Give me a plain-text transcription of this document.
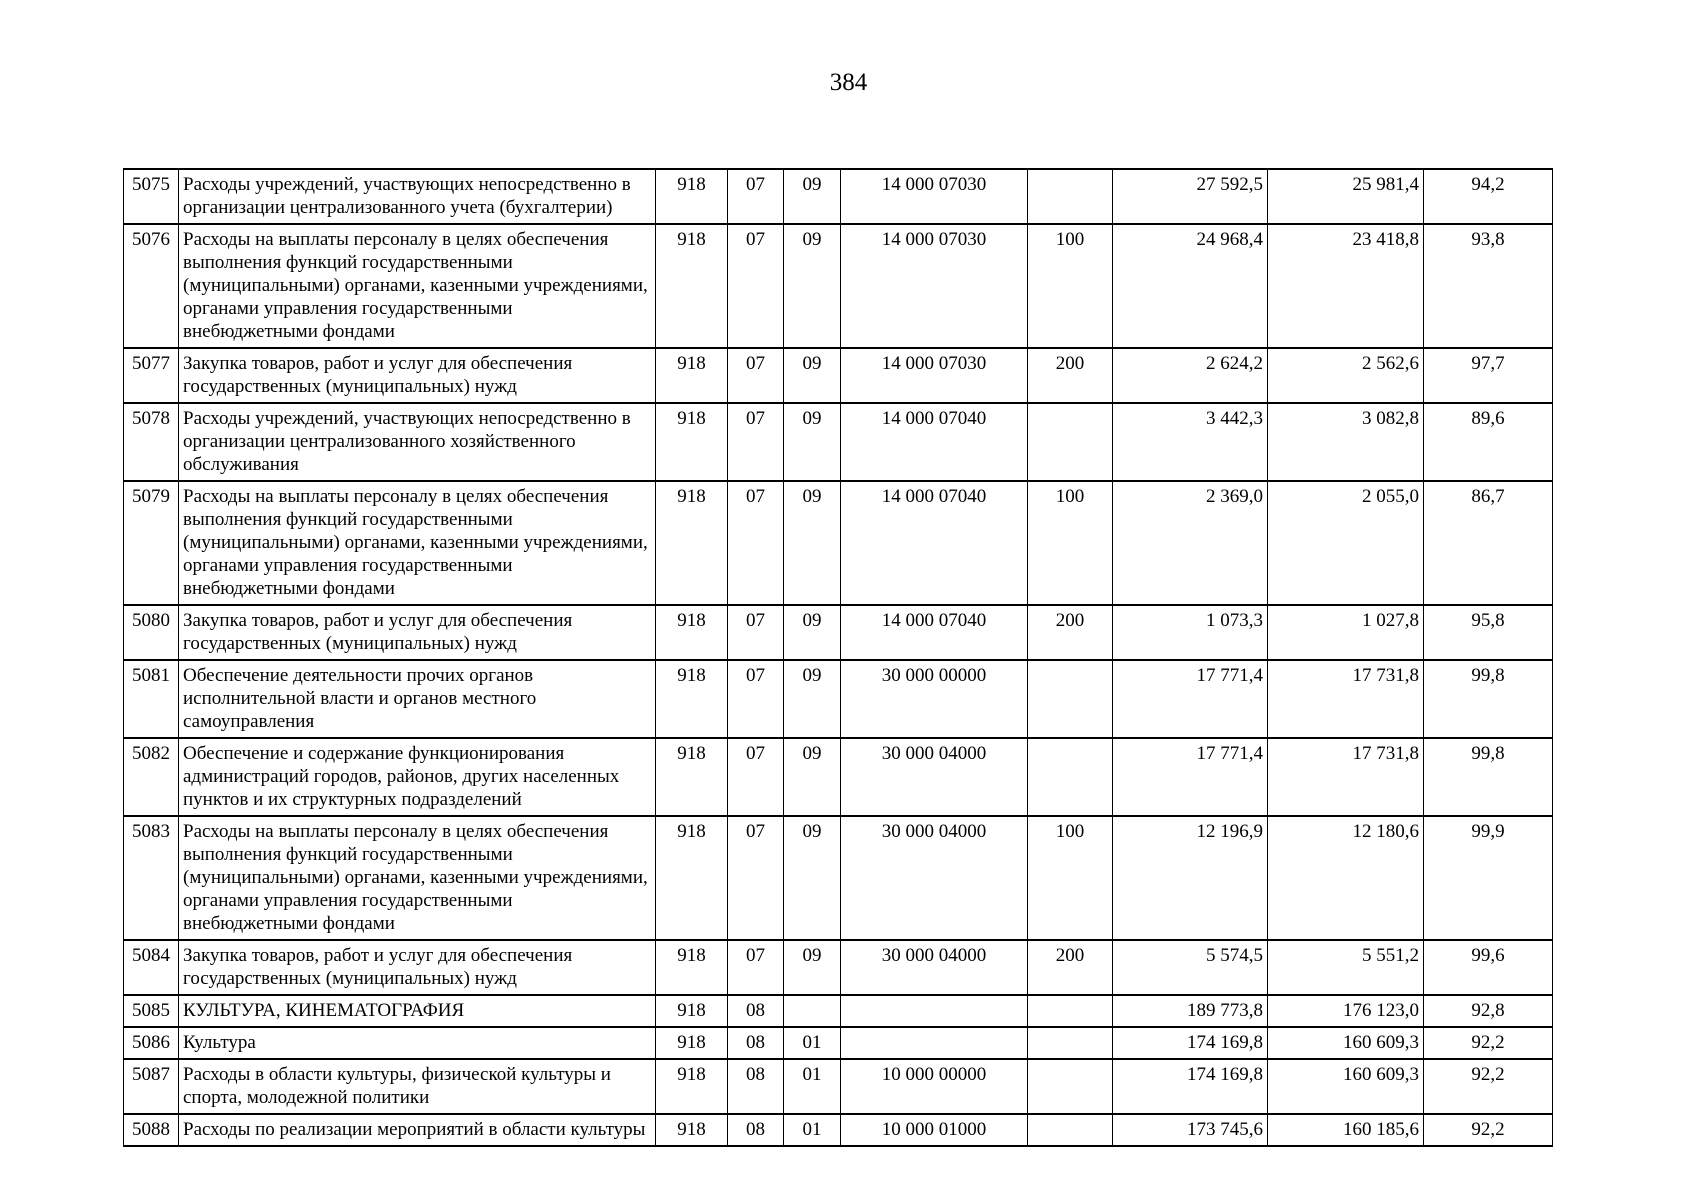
384
5075	Расходы учреждений, участвующих непосредственно в организации централизованного учета (бухгалтерии)	918	07	09	14 000 07030		27 592,5	25 981,4	94,2
5076	Расходы на выплаты персоналу в целях обеспечения выполнения функций государственными (муниципальными) органами, казенными учреждениями, органами управления государственными внебюджетными фондами	918	07	09	14 000 07030	100	24 968,4	23 418,8	93,8
5077	Закупка товаров, работ и услуг для обеспечения государственных (муниципальных) нужд	918	07	09	14 000 07030	200	2 624,2	2 562,6	97,7
5078	Расходы учреждений, участвующих непосредственно в организации централизованного хозяйственного обслуживания	918	07	09	14 000 07040		3 442,3	3 082,8	89,6
5079	Расходы на выплаты персоналу в целях обеспечения выполнения функций государственными (муниципальными) органами, казенными учреждениями, органами управления государственными внебюджетными фондами	918	07	09	14 000 07040	100	2 369,0	2 055,0	86,7
5080	Закупка товаров, работ и услуг для обеспечения государственных (муниципальных) нужд	918	07	09	14 000 07040	200	1 073,3	1 027,8	95,8
5081	Обеспечение деятельности прочих органов исполнительной власти и органов местного самоуправления	918	07	09	30 000 00000		17 771,4	17 731,8	99,8
5082	Обеспечение и содержание функционирования администраций городов, районов, других населенных пунктов и их структурных подразделений	918	07	09	30 000 04000		17 771,4	17 731,8	99,8
5083	Расходы на выплаты персоналу в целях обеспечения выполнения функций государственными (муниципальными) органами, казенными учреждениями, органами управления государственными внебюджетными фондами	918	07	09	30 000 04000	100	12 196,9	12 180,6	99,9
5084	Закупка товаров, работ и услуг для обеспечения государственных (муниципальных) нужд	918	07	09	30 000 04000	200	5 574,5	5 551,2	99,6
5085	КУЛЬТУРА, КИНЕМАТОГРАФИЯ	918	08				189 773,8	176 123,0	92,8
5086	Культура	918	08	01			174 169,8	160 609,3	92,2
5087	Расходы в области культуры, физической культуры и спорта, молодежной политики	918	08	01	10 000 00000		174 169,8	160 609,3	92,2
5088	Расходы по реализации мероприятий в области культуры	918	08	01	10 000 01000		173 745,6	160 185,6	92,2
